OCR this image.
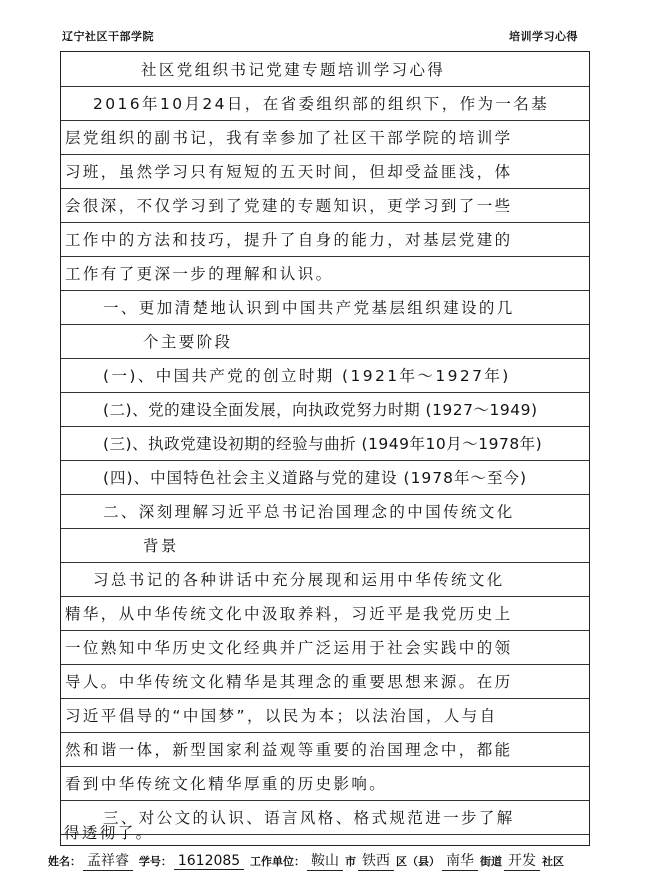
辽宁社区干部学院	培训学习心得
社区党组织书记党建专题培训学习心得
2016年10月24日，在省委组织部的组织下，作为一名基
层党组织的副书记，我有幸参加了社区干部学院的培训学
习班，虽然学习只有短短的五天时间，但却受益匪浅，体
会很深，不仅学习到了党建的专题知识，更学习到了一些
工作中的方法和技巧，提升了自身的能力，对基层党建的
工作有了更深一步的理解和认识。
一、更加清楚地认识到中国共产党基层组织建设的几
个主要阶段
(一)、中国共产党的创立时期 (1921年～1927年)
(二)、党的建设全面发展，向执政党努力时期 (1927～1949)
(三)、执政党建设初期的经验与曲折 (1949年10月～1978年)
(四)、中国特色社会主义道路与党的建设 (1978年～至今)
二、深刻理解习近平总书记治国理念的中国传统文化
背景
习总书记的各种讲话中充分展现和运用中华传统文化
精华，从中华传统文化中汲取养料，习近平是我党历史上
一位熟知中华历史文化经典并广泛运用于社会实践中的领
导人。中华传统文化精华是其理念的重要思想来源。在历
习近平倡导的“中国梦”，以民为本；以法治国，人与自
然和谐一体，新型国家利益观等重要的治国理念中，都能
看到中华传统文化精华厚重的历史影响。
三、对公文的认识、语言风格、格式规范进一步了解
得透彻了。
姓名： 孟祥睿 学号： 1612085 工作单位： 鞍山 市 铁西 区（县） 南华 街道 开发 社区
